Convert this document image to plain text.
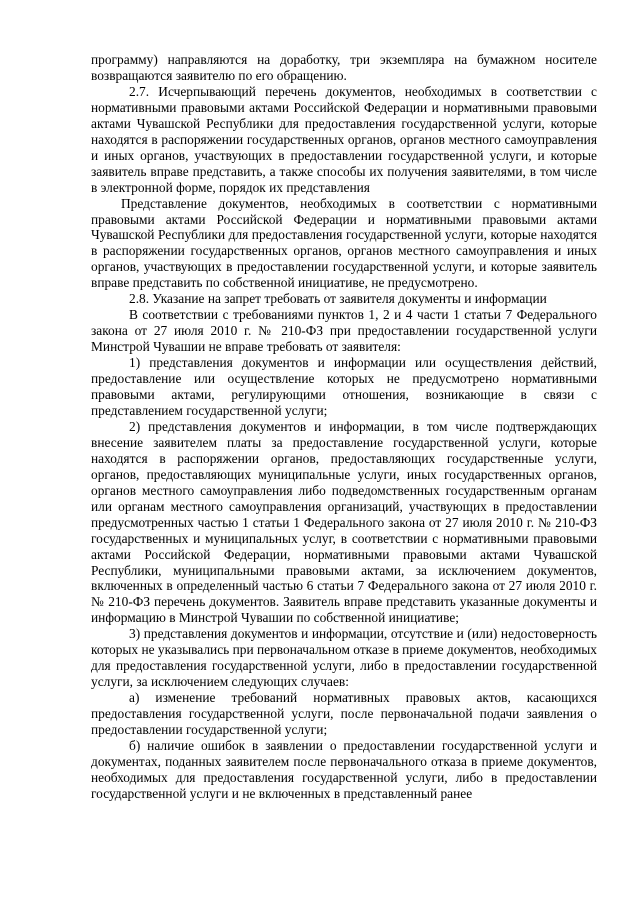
программу) направляются на доработку, три экземпляра на бумажном носителе возвращаются заявителю по его обращению.

2.7. Исчерпывающий перечень документов, необходимых в соответствии с нормативными правовыми актами Российской Федерации и нормативными правовыми актами Чувашской Республики для предоставления государственной услуги, которые находятся в распоряжении государственных органов, органов местного самоуправления и иных органов, участвующих в предоставлении государственной услуги, и которые заявитель вправе представить, а также способы их получения заявителями, в том числе в электронной форме, порядок их представления

Представление документов, необходимых в соответствии с нормативными правовыми актами Российской Федерации и нормативными правовыми актами Чувашской Республики для предоставления государственной услуги, которые находятся в распоряжении государственных органов, органов местного самоуправления и иных органов, участвующих в предоставлении государственной услуги, и которые заявитель вправе представить по собственной инициативе, не предусмотрено.

2.8. Указание на запрет требовать от заявителя документы и информации

В соответствии с требованиями пунктов 1, 2 и 4 части 1 статьи 7 Федерального закона от 27 июля 2010 г. № 210-ФЗ при предоставлении государственной услуги Минстрой Чувашии не вправе требовать от заявителя:

1) представления документов и информации или осуществления действий, предоставление или осуществление которых не предусмотрено нормативными правовыми актами, регулирующими отношения, возникающие в связи с представлением государственной услуги;

2) представления документов и информации, в том числе подтверждающих внесение заявителем платы за предоставление государственной услуги, которые находятся в распоряжении органов, предоставляющих государственные услуги, органов, предоставляющих муниципальные услуги, иных государственных органов, органов местного самоуправления либо подведомственных государственным органам или органам местного самоуправления организаций, участвующих в предоставлении предусмотренных частью 1 статьи 1 Федерального закона от 27 июля 2010 г. № 210-ФЗ государственных и муниципальных услуг, в соответствии с нормативными правовыми актами Российской Федерации, нормативными правовыми актами Чувашской Республики, муниципальными правовыми актами, за исключением документов, включенных в определенный частью 6 статьи 7 Федерального закона от 27 июля 2010 г. № 210-ФЗ перечень документов. Заявитель вправе представить указанные документы и информацию в Минстрой Чувашии по собственной инициативе;

3) представления документов и информации, отсутствие и (или) недостоверность которых не указывались при первоначальном отказе в приеме документов, необходимых для предоставления государственной услуги, либо в предоставлении государственной услуги, за исключением следующих случаев:

а) изменение требований нормативных правовых актов, касающихся предоставления государственной услуги, после первоначальной подачи заявления о предоставлении государственной услуги;

б) наличие ошибок в заявлении о предоставлении государственной услуги и документах, поданных заявителем после первоначального отказа в приеме документов, необходимых для предоставления государственной услуги, либо в предоставлении государственной услуги и не включенных в представленный ранее
